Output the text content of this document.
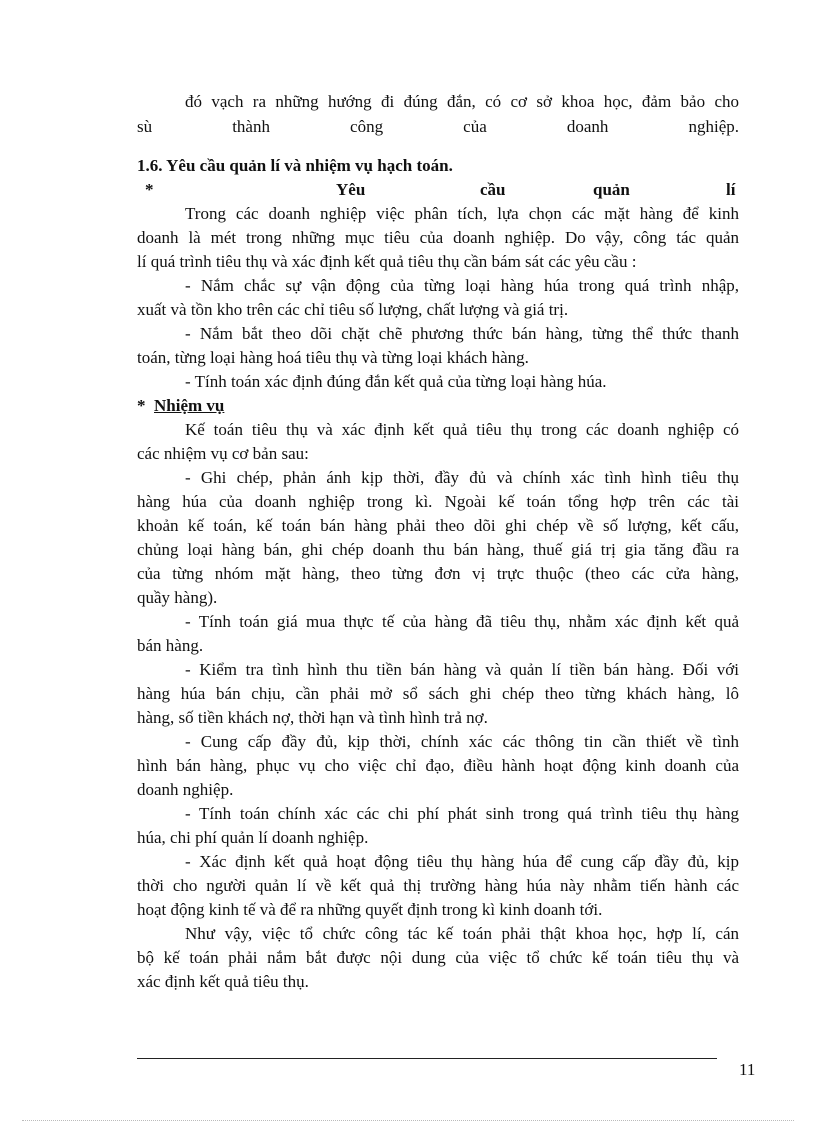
đó vạch ra những hướng đi đúng đắn, có cơ sở khoa học, đảm bảo cho
sù thành công của doanh nghiệp.
1.6. Yêu cầu quản lí và nhiệm vụ hạch toán.
*	Yêu	cầu	quản	lí
Trong các doanh nghiệp việc phân tích, lựa chọn các mặt hàng để kinh
doanh là mét trong những mục tiêu của doanh nghiệp. Do vậy, công tác quản
lí quá trình tiêu thụ và xác định kết quả tiêu thụ cần bám sát các yêu cầu :
- Nắm chắc sự vận động của từng loại hàng húa trong quá trình nhập,
xuất và tồn kho trên các chỉ tiêu số lượng, chất lượng và giá trị.
- Nắm bắt theo dõi chặt chẽ phương thức bán hàng, từng thể thức thanh
toán, từng loại hàng hoá tiêu thụ và từng loại khách hàng.
- Tính toán xác định đúng đắn kết quả của từng loại hàng húa.
* Nhiệm vụ
Kế toán tiêu thụ và xác định kết quả tiêu thụ trong các doanh nghiệp có
các nhiệm vụ cơ bản sau:
- Ghi chép, phản ánh kịp thời, đầy đủ và chính xác tình hình tiêu thụ
hàng húa của doanh nghiệp trong kì. Ngoài kế toán tổng hợp trên các tài
khoản kế toán, kế toán bán hàng phải theo dõi ghi chép về số lượng, kết cấu,
chủng loại hàng bán, ghi chép doanh thu bán hàng, thuế giá trị gia tăng đầu ra
của từng nhóm mặt hàng, theo từng đơn vị trực thuộc (theo các cửa hàng,
quầy hàng).
- Tính toán giá mua thực tế của hàng đã tiêu thụ, nhằm xác định kết quả
bán hàng.
- Kiểm tra tình hình thu tiền bán hàng và quản lí tiền bán hàng. Đối với
hàng húa bán chịu, cần phải mở sổ sách ghi chép theo từng khách hàng, lô
hàng, số tiền khách nợ, thời hạn và tình hình trả nợ.
- Cung cấp đầy đủ, kịp thời, chính xác các thông tin cần thiết về tình
hình bán hàng, phục vụ cho việc chỉ đạo, điều hành hoạt động kinh doanh của
doanh nghiệp.
- Tính toán chính xác các chi phí phát sinh trong quá trình tiêu thụ hàng
húa, chi phí quản lí doanh nghiệp.
- Xác định kết quả hoạt động tiêu thụ hàng húa để cung cấp đầy đủ, kịp
thời cho người quản lí về kết quả thị trường hàng húa này nhằm tiến hành các
hoạt động kinh tế và để ra những quyết định trong kì kinh doanh tới.
Như vậy, việc tổ chức công tác kế toán phải thật khoa học, hợp lí, cán
bộ kế toán phải nắm bắt được nội dung của việc tổ chức kế toán tiêu thụ và
xác định kết quả tiêu thụ.
11
